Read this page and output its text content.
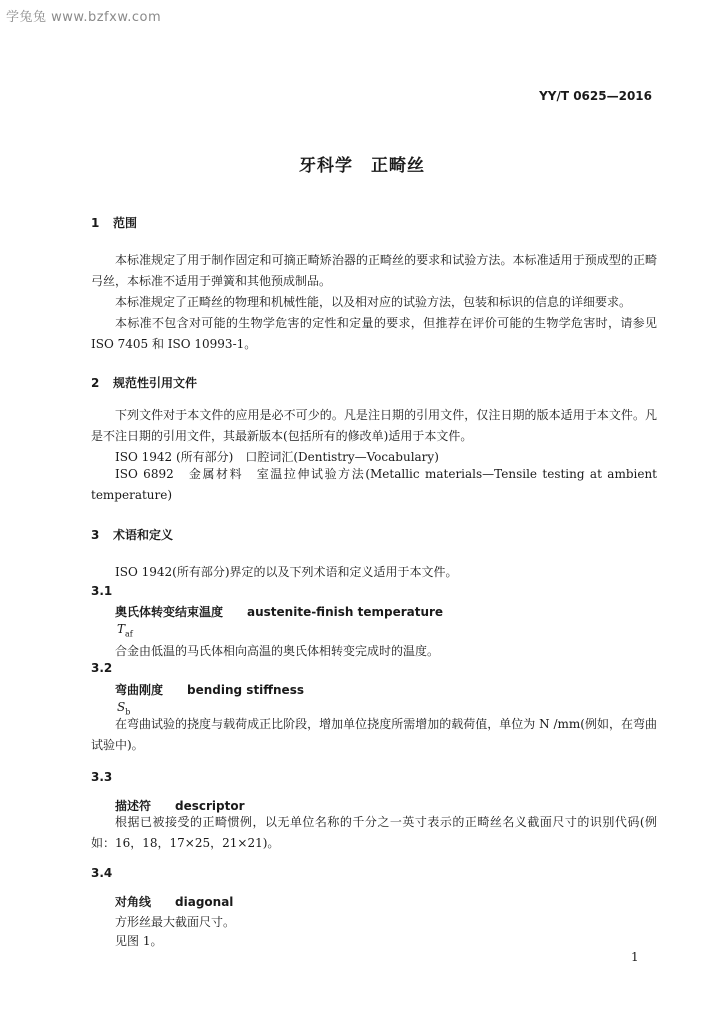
学兔兔 www.bzfxw.com
YY/T 0625—2016
牙科学　正畸丝
1 范围

本标准规定了用于制作固定和可摘正畸矫治器的正畸丝的要求和试验方法。本标准适用于预成型的正畸弓丝，本标准不适用于弹簧和其他预成制品。

本标准规定了正畸丝的物理和机械性能，以及相对应的试验方法，包装和标识的信息的详细要求。

本标准不包含对可能的生物学危害的定性和定量的要求，但推荐在评价可能的生物学危害时，请参见 ISO 7405 和 ISO 10993-1。

2 规范性引用文件

下列文件对于本文件的应用是必不可少的。凡是注日期的引用文件，仅注日期的版本适用于本文件。凡是不注日期的引用文件，其最新版本(包括所有的修改单)适用于本文件。

ISO 1942 (所有部分)　口腔词汇(Dentistry—Vocabulary)

ISO 6892　金属材料　室温拉伸试验方法(Metallic materials—Tensile testing at ambient temperature)

3 术语和定义
ISO 1942(所有部分)界定的以及下列术语和定义适用于本文件。
3.1
奥氏体转变结束温度 austenite-finish temperature
$T_{af}$
合金由低温的马氏体相向高温的奥氏体相转变完成时的温度。
3.2
弯曲刚度 bending stiffness
$S_b$

在弯曲试验的挠度与载荷成正比阶段，增加单位挠度所需增加的载荷值，单位为 N /mm(例如，在弯曲试验中)。

3.3
描述符 descriptor

根据已被接受的正畸惯例，以无单位名称的千分之一英寸表示的正畸丝名义截面尺寸的识别代码(例如：16，18，17×25，21×21)。

3.4
对角线 diagonal
方形丝最大截面尺寸。
见图 1。
1
